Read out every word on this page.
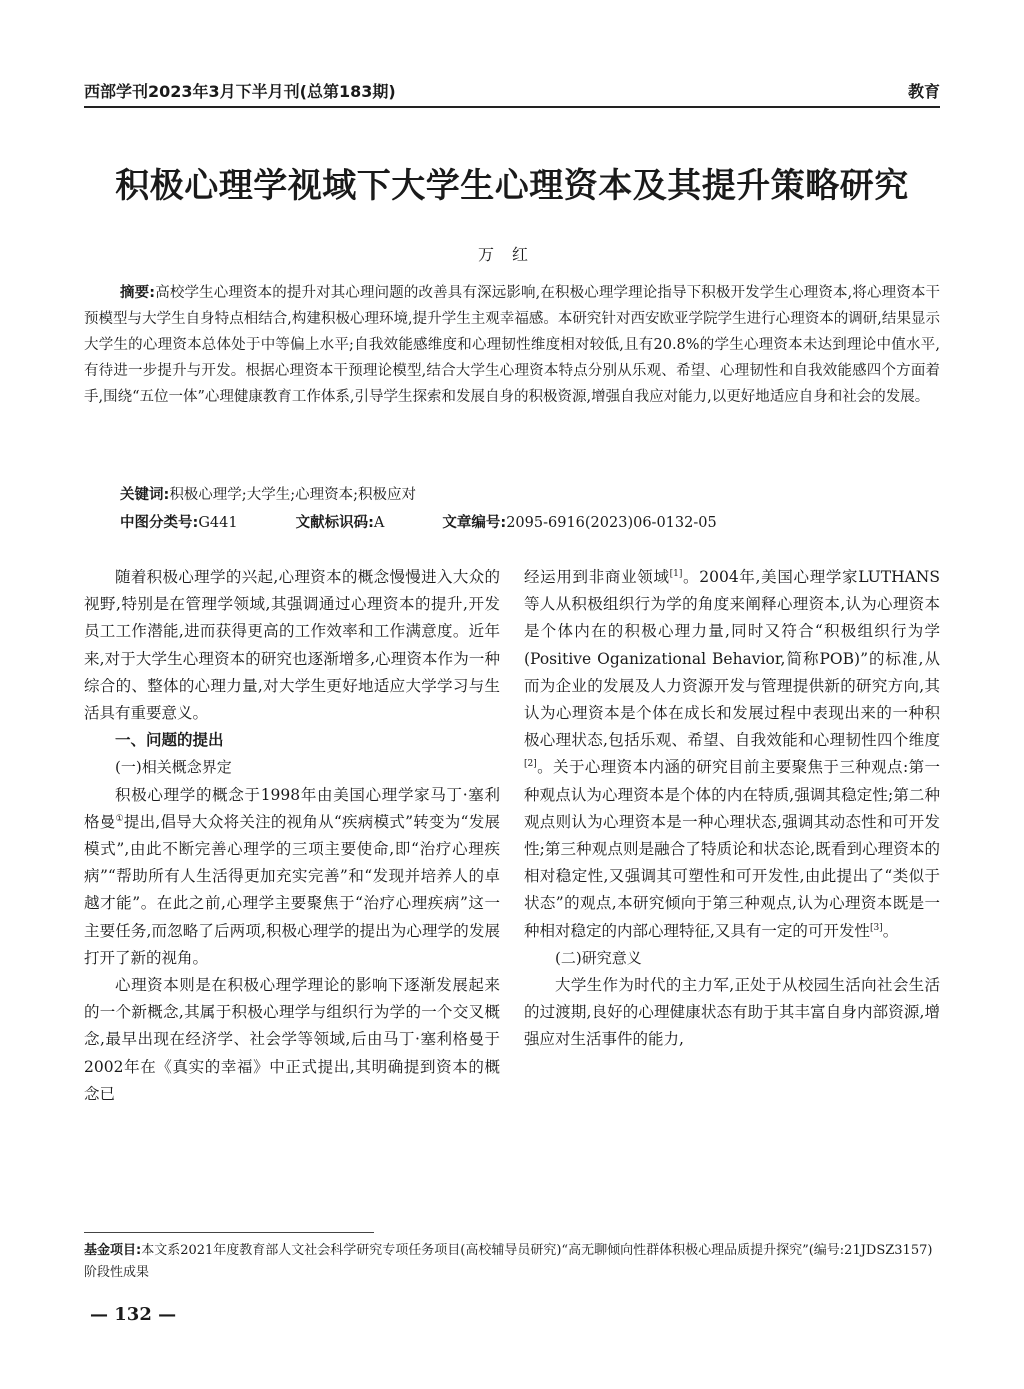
西部学刊2023年3月下半月刊(总第183期)	教育
积极心理学视域下大学生心理资本及其提升策略研究
万红
摘要:高校学生心理资本的提升对其心理问题的改善具有深远影响,在积极心理学理论指导下积极开发学生心理资本,将心理资本干预模型与大学生自身特点相结合,构建积极心理环境,提升学生主观幸福感。本研究针对西安欧亚学院学生进行心理资本的调研,结果显示大学生的心理资本总体处于中等偏上水平;自我效能感维度和心理韧性维度相对较低,且有20.8%的学生心理资本未达到理论中值水平,有待进一步提升与开发。根据心理资本干预理论模型,结合大学生心理资本特点分别从乐观、希望、心理韧性和自我效能感四个方面着手,围绕“五位一体”心理健康教育工作体系,引导学生探索和发展自身的积极资源,增强自我应对能力,以更好地适应自身和社会的发展。
关键词:积极心理学;大学生;心理资本;积极应对
中图分类号:G441	文献标识码:A	文章编号:2095-6916(2023)06-0132-05

随着积极心理学的兴起,心理资本的概念慢慢进入大众的视野,特别是在管理学领域,其强调通过心理资本的提升,开发员工工作潜能,进而获得更高的工作效率和工作满意度。近年来,对于大学生心理资本的研究也逐渐增多,心理资本作为一种综合的、整体的心理力量,对大学生更好地适应大学学习与生活具有重要意义。

一、问题的提出
(一)相关概念界定

积极心理学的概念于1998年由美国心理学家马丁·塞利格曼①提出,倡导大众将关注的视角从“疾病模式”转变为“发展模式”,由此不断完善心理学的三项主要使命,即“治疗心理疾病”“帮助所有人生活得更加充实完善”和“发现并培养人的卓越才能”。在此之前,心理学主要聚焦于“治疗心理疾病”这一主要任务,而忽略了后两项,积极心理学的提出为心理学的发展打开了新的视角。

心理资本则是在积极心理学理论的影响下逐渐发展起来的一个新概念,其属于积极心理学与组织行为学的一个交叉概念,最早出现在经济学、社会学等领域,后由马丁·塞利格曼于2002年在《真实的幸福》中正式提出,其明确提到资本的概念已

经运用到非商业领域[1]。2004年,美国心理学家LUTHANS等人从积极组织行为学的角度来阐释心理资本,认为心理资本是个体内在的积极心理力量,同时又符合“积极组织行为学(Positive Oganizational Behavior,简称POB)”的标准,从而为企业的发展及人力资源开发与管理提供新的研究方向,其认为心理资本是个体在成长和发展过程中表现出来的一种积极心理状态,包括乐观、希望、自我效能和心理韧性四个维度[2]。关于心理资本内涵的研究目前主要聚焦于三种观点:第一种观点认为心理资本是个体的内在特质,强调其稳定性;第二种观点则认为心理资本是一种心理状态,强调其动态性和可开发性;第三种观点则是融合了特质论和状态论,既看到心理资本的相对稳定性,又强调其可塑性和可开发性,由此提出了“类似于状态”的观点,本研究倾向于第三种观点,认为心理资本既是一种相对稳定的内部心理特征,又具有一定的可开发性[3]。

(二)研究意义

大学生作为时代的主力军,正处于从校园生活向社会生活的过渡期,良好的心理健康状态有助于其丰富自身内部资源,增强应对生活事件的能力,

基金项目:本文系2021年度教育部人文社会科学研究专项任务项目(高校辅导员研究)“高无聊倾向性群体积极心理品质提升探究”(编号:21JDSZ3157)阶段性成果
— 132 —
